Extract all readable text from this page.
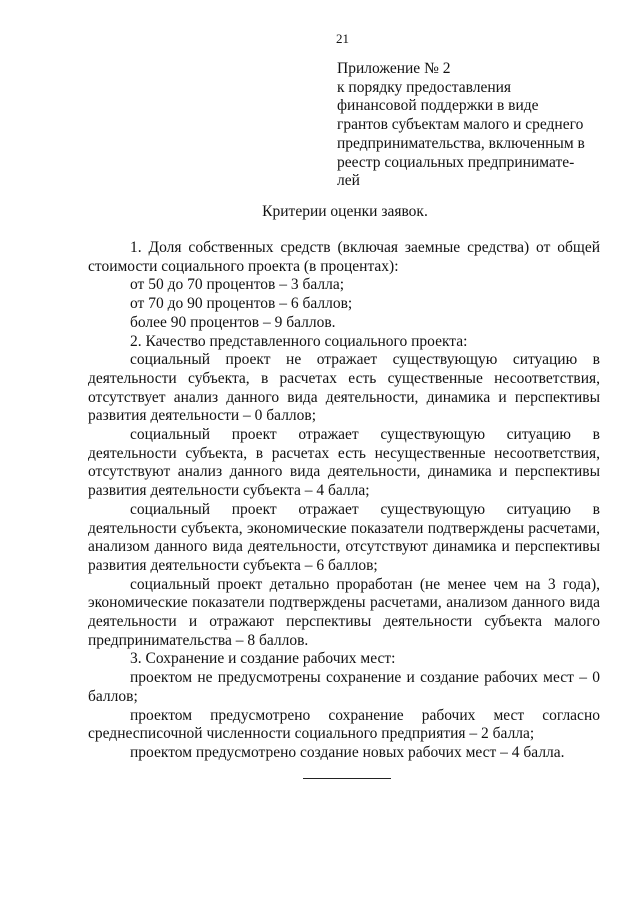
21
Приложение № 2
к порядку предоставления
финансовой поддержки в виде
грантов субъектам малого и среднего
предпринимательства, включенным в
реестр социальных предпринимате-
лей
Критерии оценки заявок.

1. Доля собственных средств (включая заемные средства) от общей стоимости социального проекта (в процентах):

от 50 до 70 процентов – 3 балла;

от 70 до 90 процентов – 6 баллов;

более 90 процентов – 9 баллов.

2. Качество представленного социального проекта:

социальный проект не отражает существующую ситуацию в деятельности субъекта, в расчетах есть существенные несоответствия, отсутствует анализ данного вида деятельности, динамика и перспективы развития деятельности – 0 баллов;

социальный проект отражает существующую ситуацию в деятельности субъекта, в расчетах есть несущественные несоответствия, отсутствуют анализ данного вида деятельности, динамика и перспективы развития деятельности субъекта – 4 балла;

социальный проект отражает существующую ситуацию в деятельности субъекта, экономические показатели подтверждены расчетами, анализом данного вида деятельности, отсутствуют динамика и перспективы развития деятельности субъекта – 6 баллов;

социальный проект детально проработан (не менее чем на 3 года), экономические показатели подтверждены расчетами, анализом данного вида деятельности и отражают перспективы деятельности субъекта малого предпринимательства – 8 баллов.

3. Сохранение и создание рабочих мест:

проектом не предусмотрены сохранение и создание рабочих мест – 0 баллов;

проектом предусмотрено сохранение рабочих мест согласно среднесписочной численности социального предприятия – 2 балла;

проектом предусмотрено создание новых рабочих мест – 4 балла.
